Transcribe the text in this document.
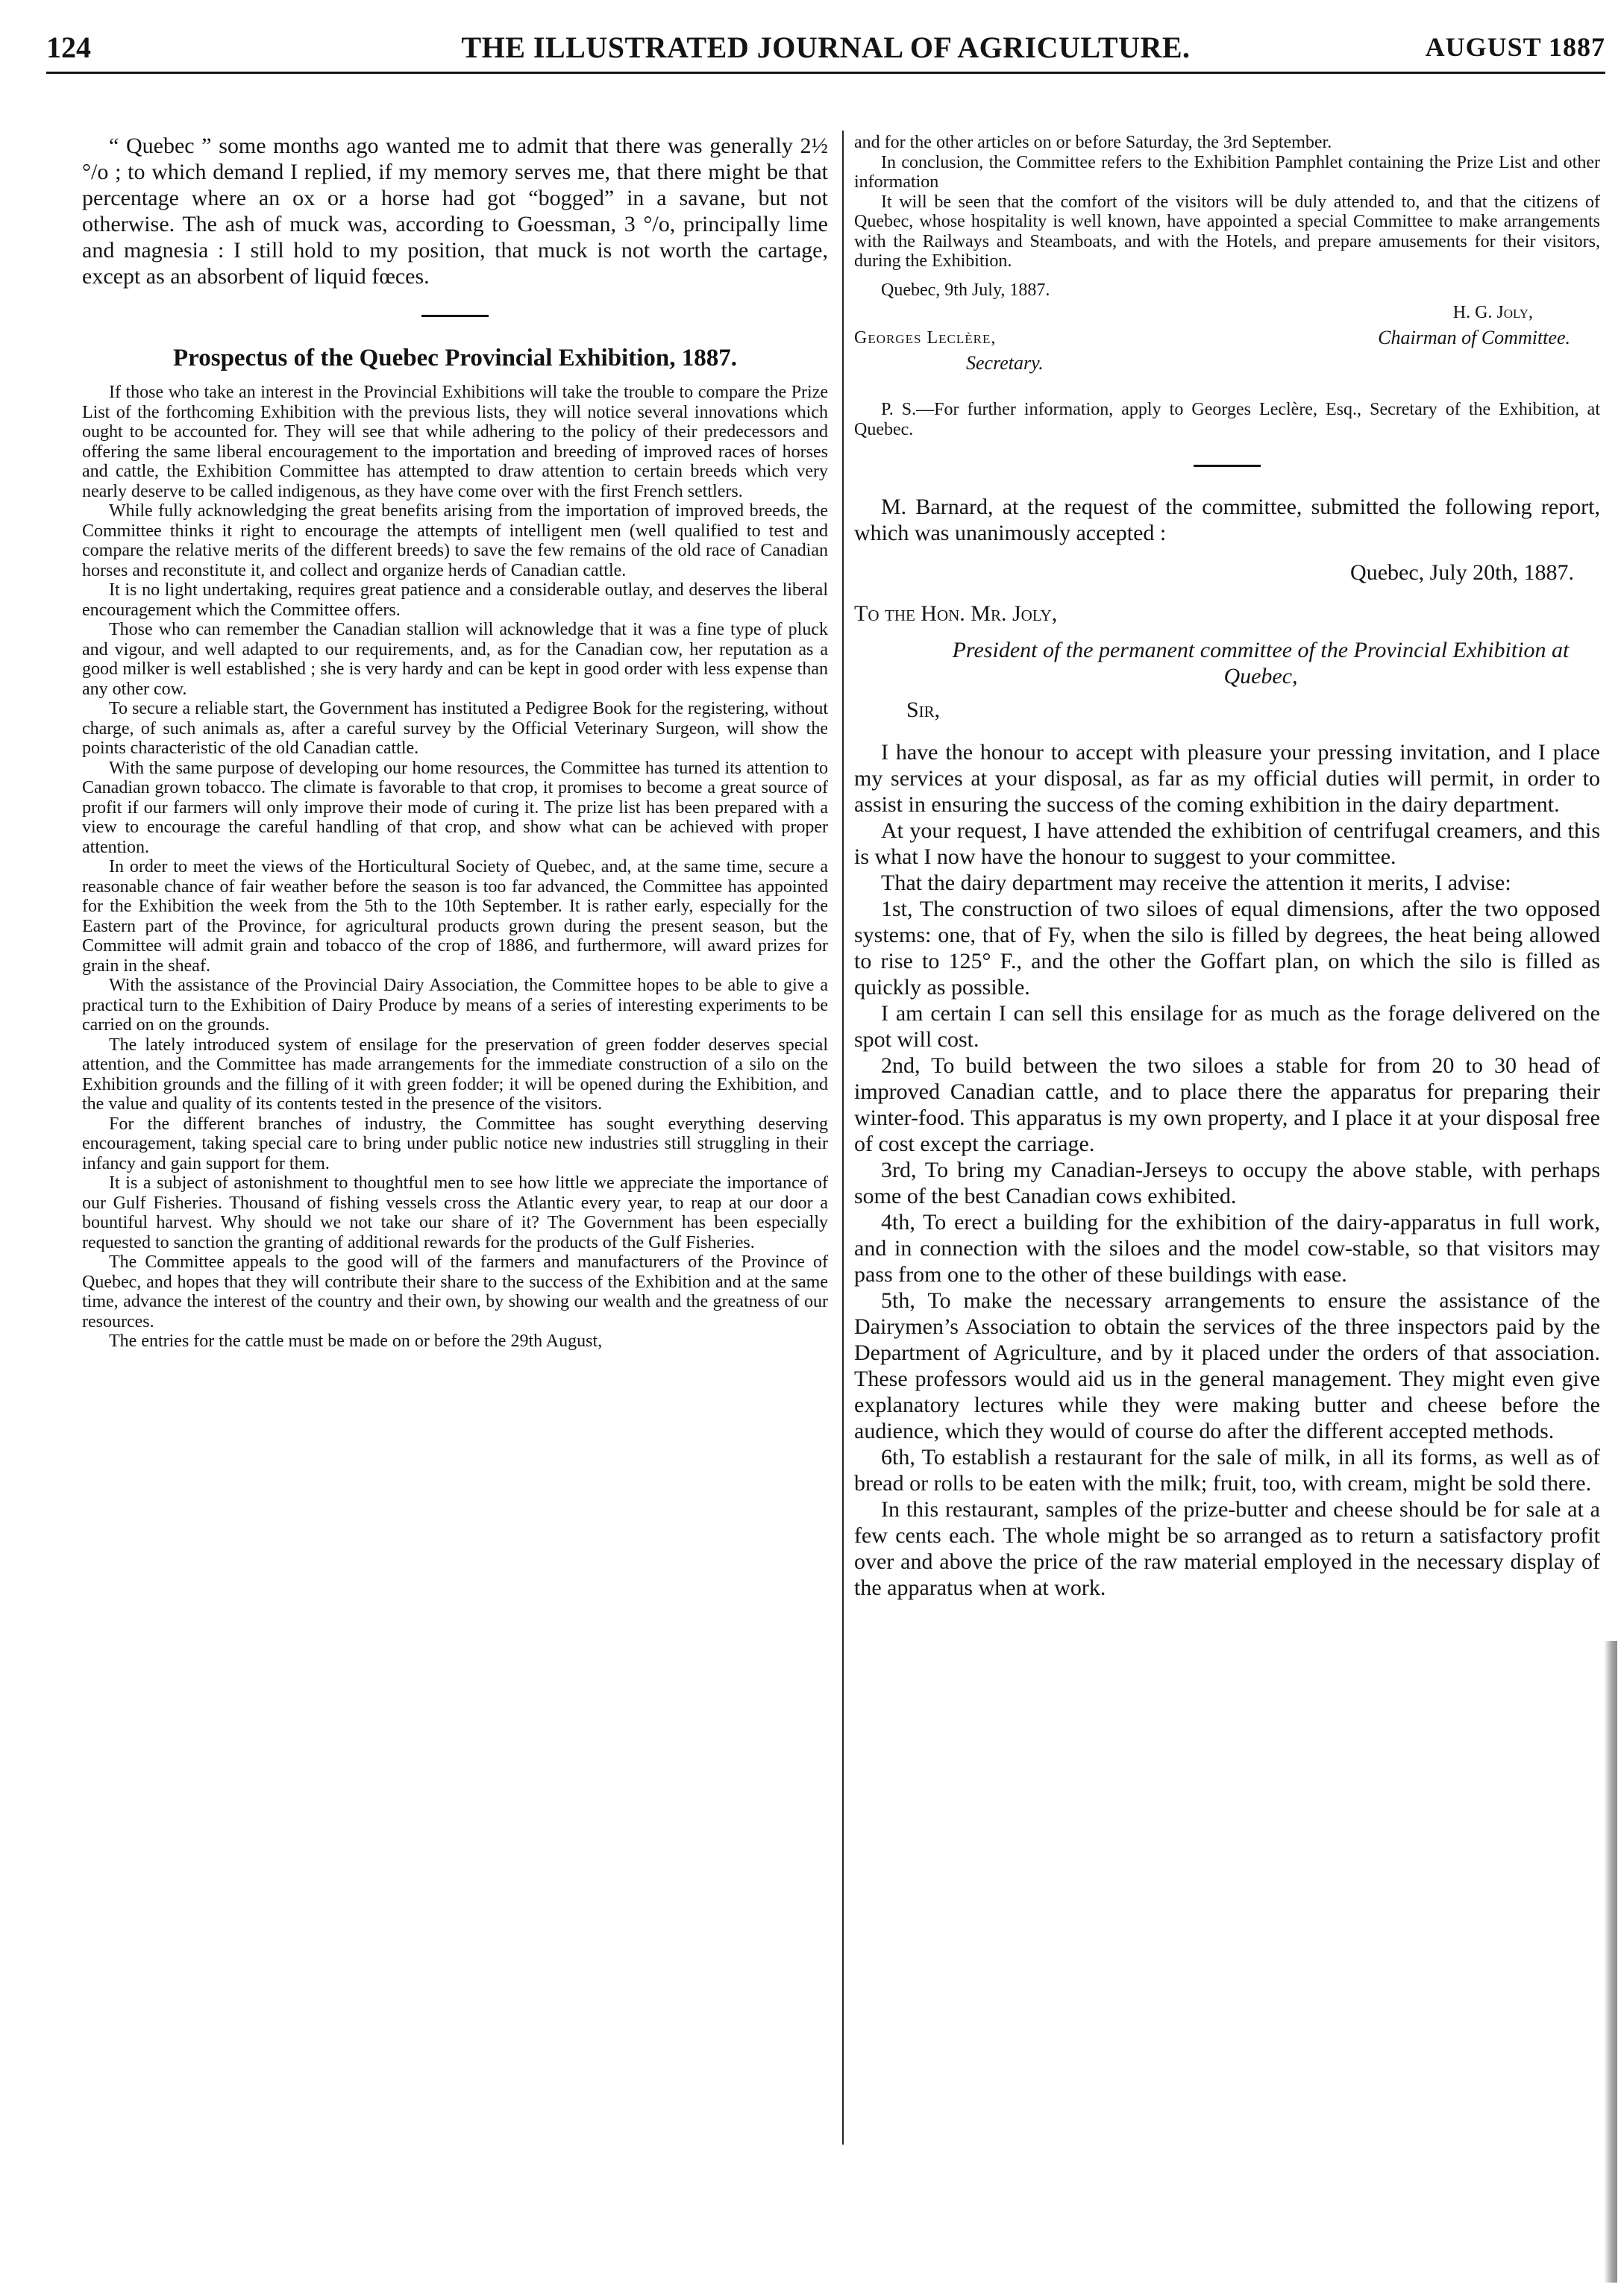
124	THE ILLUSTRATED JOURNAL OF AGRICULTURE.	AUGUST 1887

“ Quebec ” some months ago wanted me to admit that there was generally 2½ °/o ; to which demand I replied, if my memory serves me, that there might be that percentage where an ox or a horse had got “bogged” in a savane, but not otherwise. The ash of muck was, according to Goessman, 3 °/o, principally lime and magnesia : I still hold to my position, that muck is not worth the cartage, except as an absorbent of liquid fœces.

Prospectus of the Quebec Provincial Exhibition, 1887.

If those who take an interest in the Provincial Exhibitions will take the trouble to compare the Prize List of the forthcoming Exhibition with the previous lists, they will notice several innovations which ought to be accounted for. They will see that while adhering to the policy of their predecessors and offering the same liberal encouragement to the importation and breeding of improved races of horses and cattle, the Exhibition Committee has attempted to draw attention to certain breeds which very nearly deserve to be called indigenous, as they have come over with the first French settlers.

While fully acknowledging the great benefits arising from the importation of improved breeds, the Committee thinks it right to encourage the attempts of intelligent men (well qualified to test and compare the relative merits of the different breeds) to save the few remains of the old race of Canadian horses and reconstitute it, and collect and organize herds of Canadian cattle.

It is no light undertaking, requires great patience and a considerable outlay, and deserves the liberal encouragement which the Committee offers.

Those who can remember the Canadian stallion will acknowledge that it was a fine type of pluck and vigour, and well adapted to our requirements, and, as for the Canadian cow, her reputation as a good milker is well established ; she is very hardy and can be kept in good order with less expense than any other cow.

To secure a reliable start, the Government has instituted a Pedigree Book for the registering, without charge, of such animals as, after a careful survey by the Official Veterinary Surgeon, will show the points characteristic of the old Canadian cattle.

With the same purpose of developing our home resources, the Committee has turned its attention to Canadian grown tobacco. The climate is favorable to that crop, it promises to become a great source of profit if our farmers will only improve their mode of curing it. The prize list has been prepared with a view to encourage the careful handling of that crop, and show what can be achieved with proper attention.

In order to meet the views of the Horticultural Society of Quebec, and, at the same time, secure a reasonable chance of fair weather before the season is too far advanced, the Committee has appointed for the Exhibition the week from the 5th to the 10th September. It is rather early, especially for the Eastern part of the Province, for agricultural products grown during the present season, but the Committee will admit grain and tobacco of the crop of 1886, and furthermore, will award prizes for grain in the sheaf.

With the assistance of the Provincial Dairy Association, the Committee hopes to be able to give a practical turn to the Exhibition of Dairy Produce by means of a series of interesting experiments to be carried on on the grounds.

The lately introduced system of ensilage for the preservation of green fodder deserves special attention, and the Committee has made arrangements for the immediate construction of a silo on the Exhibition grounds and the filling of it with green fodder; it will be opened during the Exhibition, and the value and quality of its contents tested in the presence of the visitors.

For the different branches of industry, the Committee has sought everything deserving encouragement, taking special care to bring under public notice new industries still struggling in their infancy and gain support for them.

It is a subject of astonishment to thoughtful men to see how little we appreciate the importance of our Gulf Fisheries. Thousand of fishing vessels cross the Atlantic every year, to reap at our door a bountiful harvest. Why should we not take our share of it? The Government has been especially requested to sanction the granting of additional rewards for the products of the Gulf Fisheries.

The Committee appeals to the good will of the farmers and manufacturers of the Province of Quebec, and hopes that they will contribute their share to the success of the Exhibition and at the same time, advance the interest of the country and their own, by showing our wealth and the greatness of our resources.

The entries for the cattle must be made on or before the 29th August,

and for the other articles on or before Saturday, the 3rd September.

In conclusion, the Committee refers to the Exhibition Pamphlet containing the Prize List and other information

It will be seen that the comfort of the visitors will be duly attended to, and that the citizens of Quebec, whose hospitality is well known, have appointed a special Committee to make arrangements with the Railways and Steamboats, and with the Hotels, and prepare amusements for their visitors, during the Exhibition.

Quebec, 9th July, 1887.

H. G. Joly,
Georges Leclère,	Chairman of Committee.
Secretary.

P. S.—For further information, apply to Georges Leclère, Esq., Secretary of the Exhibition, at Quebec.

M. Barnard, at the request of the committee, submitted the following report, which was unanimously accepted :

Quebec, July 20th, 1887.

To the Hon. Mr. Joly,

President of the permanent committee of the Provincial Exhibition at Quebec,

Sir,

I have the honour to accept with pleasure your pressing invitation, and I place my services at your disposal, as far as my official duties will permit, in order to assist in ensuring the success of the coming exhibition in the dairy department.

At your request, I have attended the exhibition of centrifugal creamers, and this is what I now have the honour to suggest to your committee.

That the dairy department may receive the attention it merits, I advise:

1st, The construction of two siloes of equal dimensions, after the two opposed systems: one, that of Fy, when the silo is filled by degrees, the heat being allowed to rise to 125° F., and the other the Goffart plan, on which the silo is filled as quickly as possible.

I am certain I can sell this ensilage for as much as the forage delivered on the spot will cost.

2nd, To build between the two siloes a stable for from 20 to 30 head of improved Canadian cattle, and to place there the apparatus for preparing their winter-food. This apparatus is my own property, and I place it at your disposal free of cost except the carriage.

3rd, To bring my Canadian-Jerseys to occupy the above stable, with perhaps some of the best Canadian cows exhibited.

4th, To erect a building for the exhibition of the dairy-apparatus in full work, and in connection with the siloes and the model cow-stable, so that visitors may pass from one to the other of these buildings with ease.

5th, To make the necessary arrangements to ensure the assistance of the Dairymen’s Association to obtain the services of the three inspectors paid by the Department of Agriculture, and by it placed under the orders of that association. These professors would aid us in the general management. They might even give explanatory lectures while they were making butter and cheese before the audience, which they would of course do after the different accepted methods.

6th, To establish a restaurant for the sale of milk, in all its forms, as well as of bread or rolls to be eaten with the milk; fruit, too, with cream, might be sold there.

In this restaurant, samples of the prize-butter and cheese should be for sale at a few cents each. The whole might be so arranged as to return a satisfactory profit over and above the price of the raw material employed in the necessary display of the apparatus when at work.
